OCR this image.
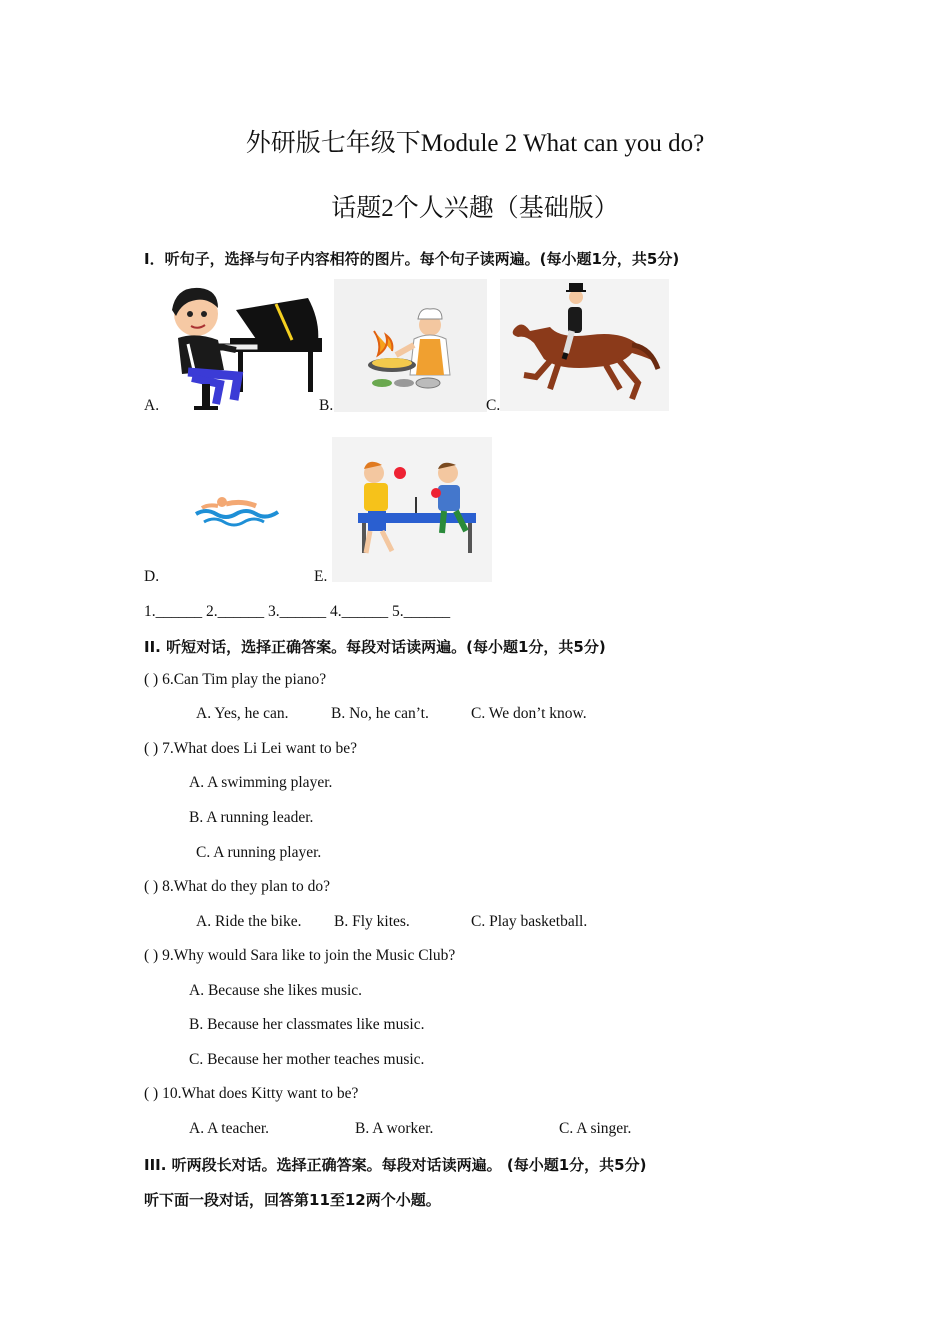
外研版七年级下Module 2 What can you do?
话题2个人兴趣（基础版）
I．听句子，选择与句子内容相符的图片。每个句子读两遍。(每小题1分，共5分)
A.	B.	C.
D.	E.
1.______ 2.______ 3.______ 4.______ 5.______
II. 听短对话，选择正确答案。每段对话读两遍。(每小题1分，共5分)
( ) 6.Can Tim play the piano?
A. Yes, he can.	B. No, he can’t.	C. We don’t know.
( ) 7.What does Li Lei want to be?
A. A swimming player.
B. A running leader.
C. A running player.
( ) 8.What do they plan to do?
A. Ride the bike. B. Fly kites.	C. Play basketball.
( ) 9.Why would Sara like to join the Music Club?
A. Because she likes music.
B. Because her classmates like music.
C. Because her mother teaches music.
( ) 10.What does Kitty want to be?
A. A teacher.	B. A worker.	C. A singer.
III. 听两段长对话。选择正确答案。每段对话读两遍。 (每小题1分，共5分)
听下面一段对话，回答第11至12两个小题。
